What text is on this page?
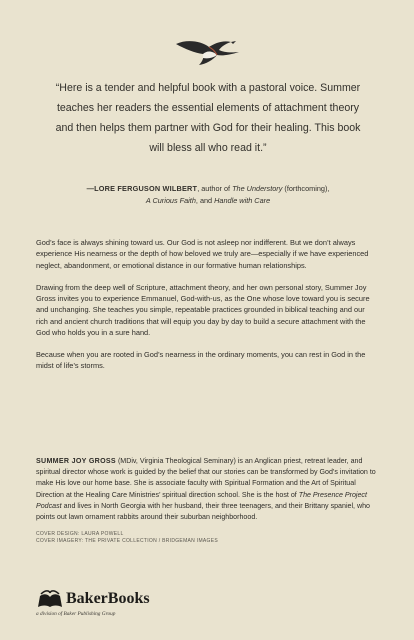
“Here is a tender and helpful book with a pastoral voice. Summer teaches her readers the essential elements of attachment theory and then helps them partner with God for their healing. This book will bless all who read it.”
—LORE FERGUSON WILBERT, author of The Understory (forthcoming),
A Curious Faith, and Handle with Care

God’s face is always shining toward us. Our God is not asleep nor indifferent. But we don’t always experience His nearness or the depth of how beloved we truly are—especially if we have experienced neglect, abandonment, or emotional distance in our formative human relationships.

Drawing from the deep well of Scripture, attachment theory, and her own personal story, Summer Joy Gross invites you to experience Emmanuel, God-with-us, as the One whose love toward you is secure and unchanging. She teaches you simple, repeatable practices grounded in biblical teaching and our rich and ancient church traditions that will equip you day by day to build a secure attachment with the God who holds you in a sure hand.

Because when you are rooted in God’s nearness in the ordinary moments, you can rest in God in the midst of life’s storms.

SUMMER JOY GROSS (MDiv, Virginia Theological Seminary) is an Anglican priest, retreat leader, and spiritual director whose work is guided by the belief that our stories can be transformed by God’s invitation to make His love our home base. She is associate faculty with Spiritual Formation and the Art of Spiritual Direction at the Healing Care Ministries’ spiritual direction school. She is the host of The Presence Project Podcast and lives in North Georgia with her husband, their three teenagers, and their Brittany spaniel, who points out lawn ornament rabbits around their suburban neighborhood.
COVER DESIGN: LAURA POWELL
COVER IMAGERY: THE PRIVATE COLLECTION / BRIDGEMAN IMAGES
BakerBooks
a division of Baker Publishing Group
